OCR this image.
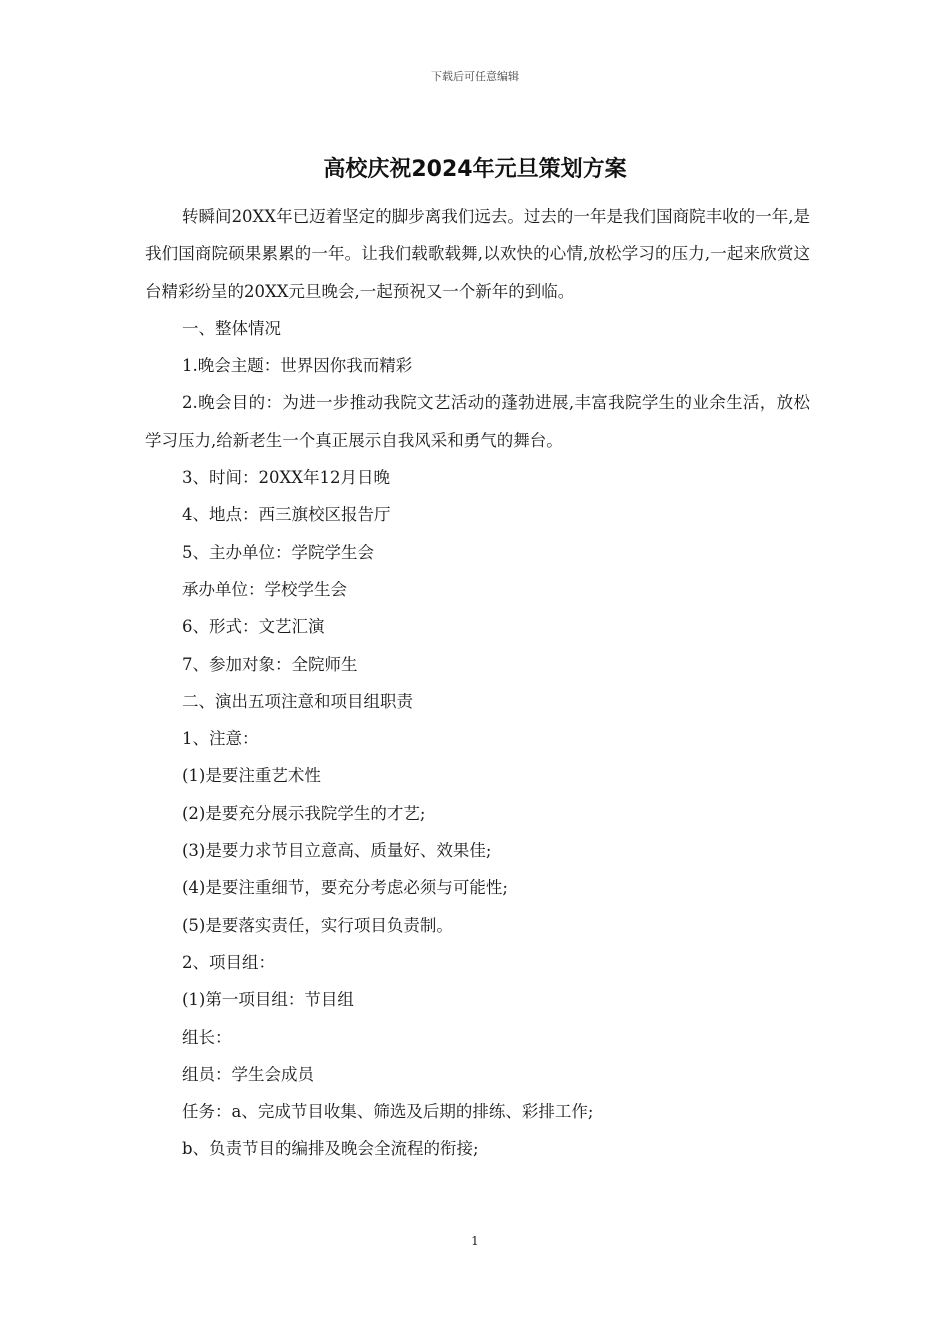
下载后可任意编辑
高校庆祝2024年元旦策划方案

转瞬间20XX年已迈着坚定的脚步离我们远去。过去的一年是我们国商院丰收的一年,是我们国商院硕果累累的一年。让我们载歌载舞,以欢快的心情,放松学习的压力,一起来欣赏这台精彩纷呈的20XX元旦晚会,一起预祝又一个新年的到临。

一、整体情况

1.晚会主题：世界因你我而精彩

2.晚会目的：为进一步推动我院文艺活动的蓬勃进展,丰富我院学生的业余生活，放松学习压力,给新老生一个真正展示自我风采和勇气的舞台。

3、时间：20XX年12月日晚

4、地点：西三旗校区报告厅

5、主办单位：学院学生会

承办单位：学校学生会

6、形式：文艺汇演

7、参加对象：全院师生

二、演出五项注意和项目组职责

1、注意：

(1)是要注重艺术性

(2)是要充分展示我院学生的才艺;

(3)是要力求节目立意高、质量好、效果佳;

(4)是要注重细节，要充分考虑必须与可能性;

(5)是要落实责任，实行项目负责制。

2、项目组：

(1)第一项目组：节目组

组长：

组员：学生会成员

任务：a、完成节目收集、筛选及后期的排练、彩排工作;

b、负责节目的编排及晚会全流程的衔接;

1
